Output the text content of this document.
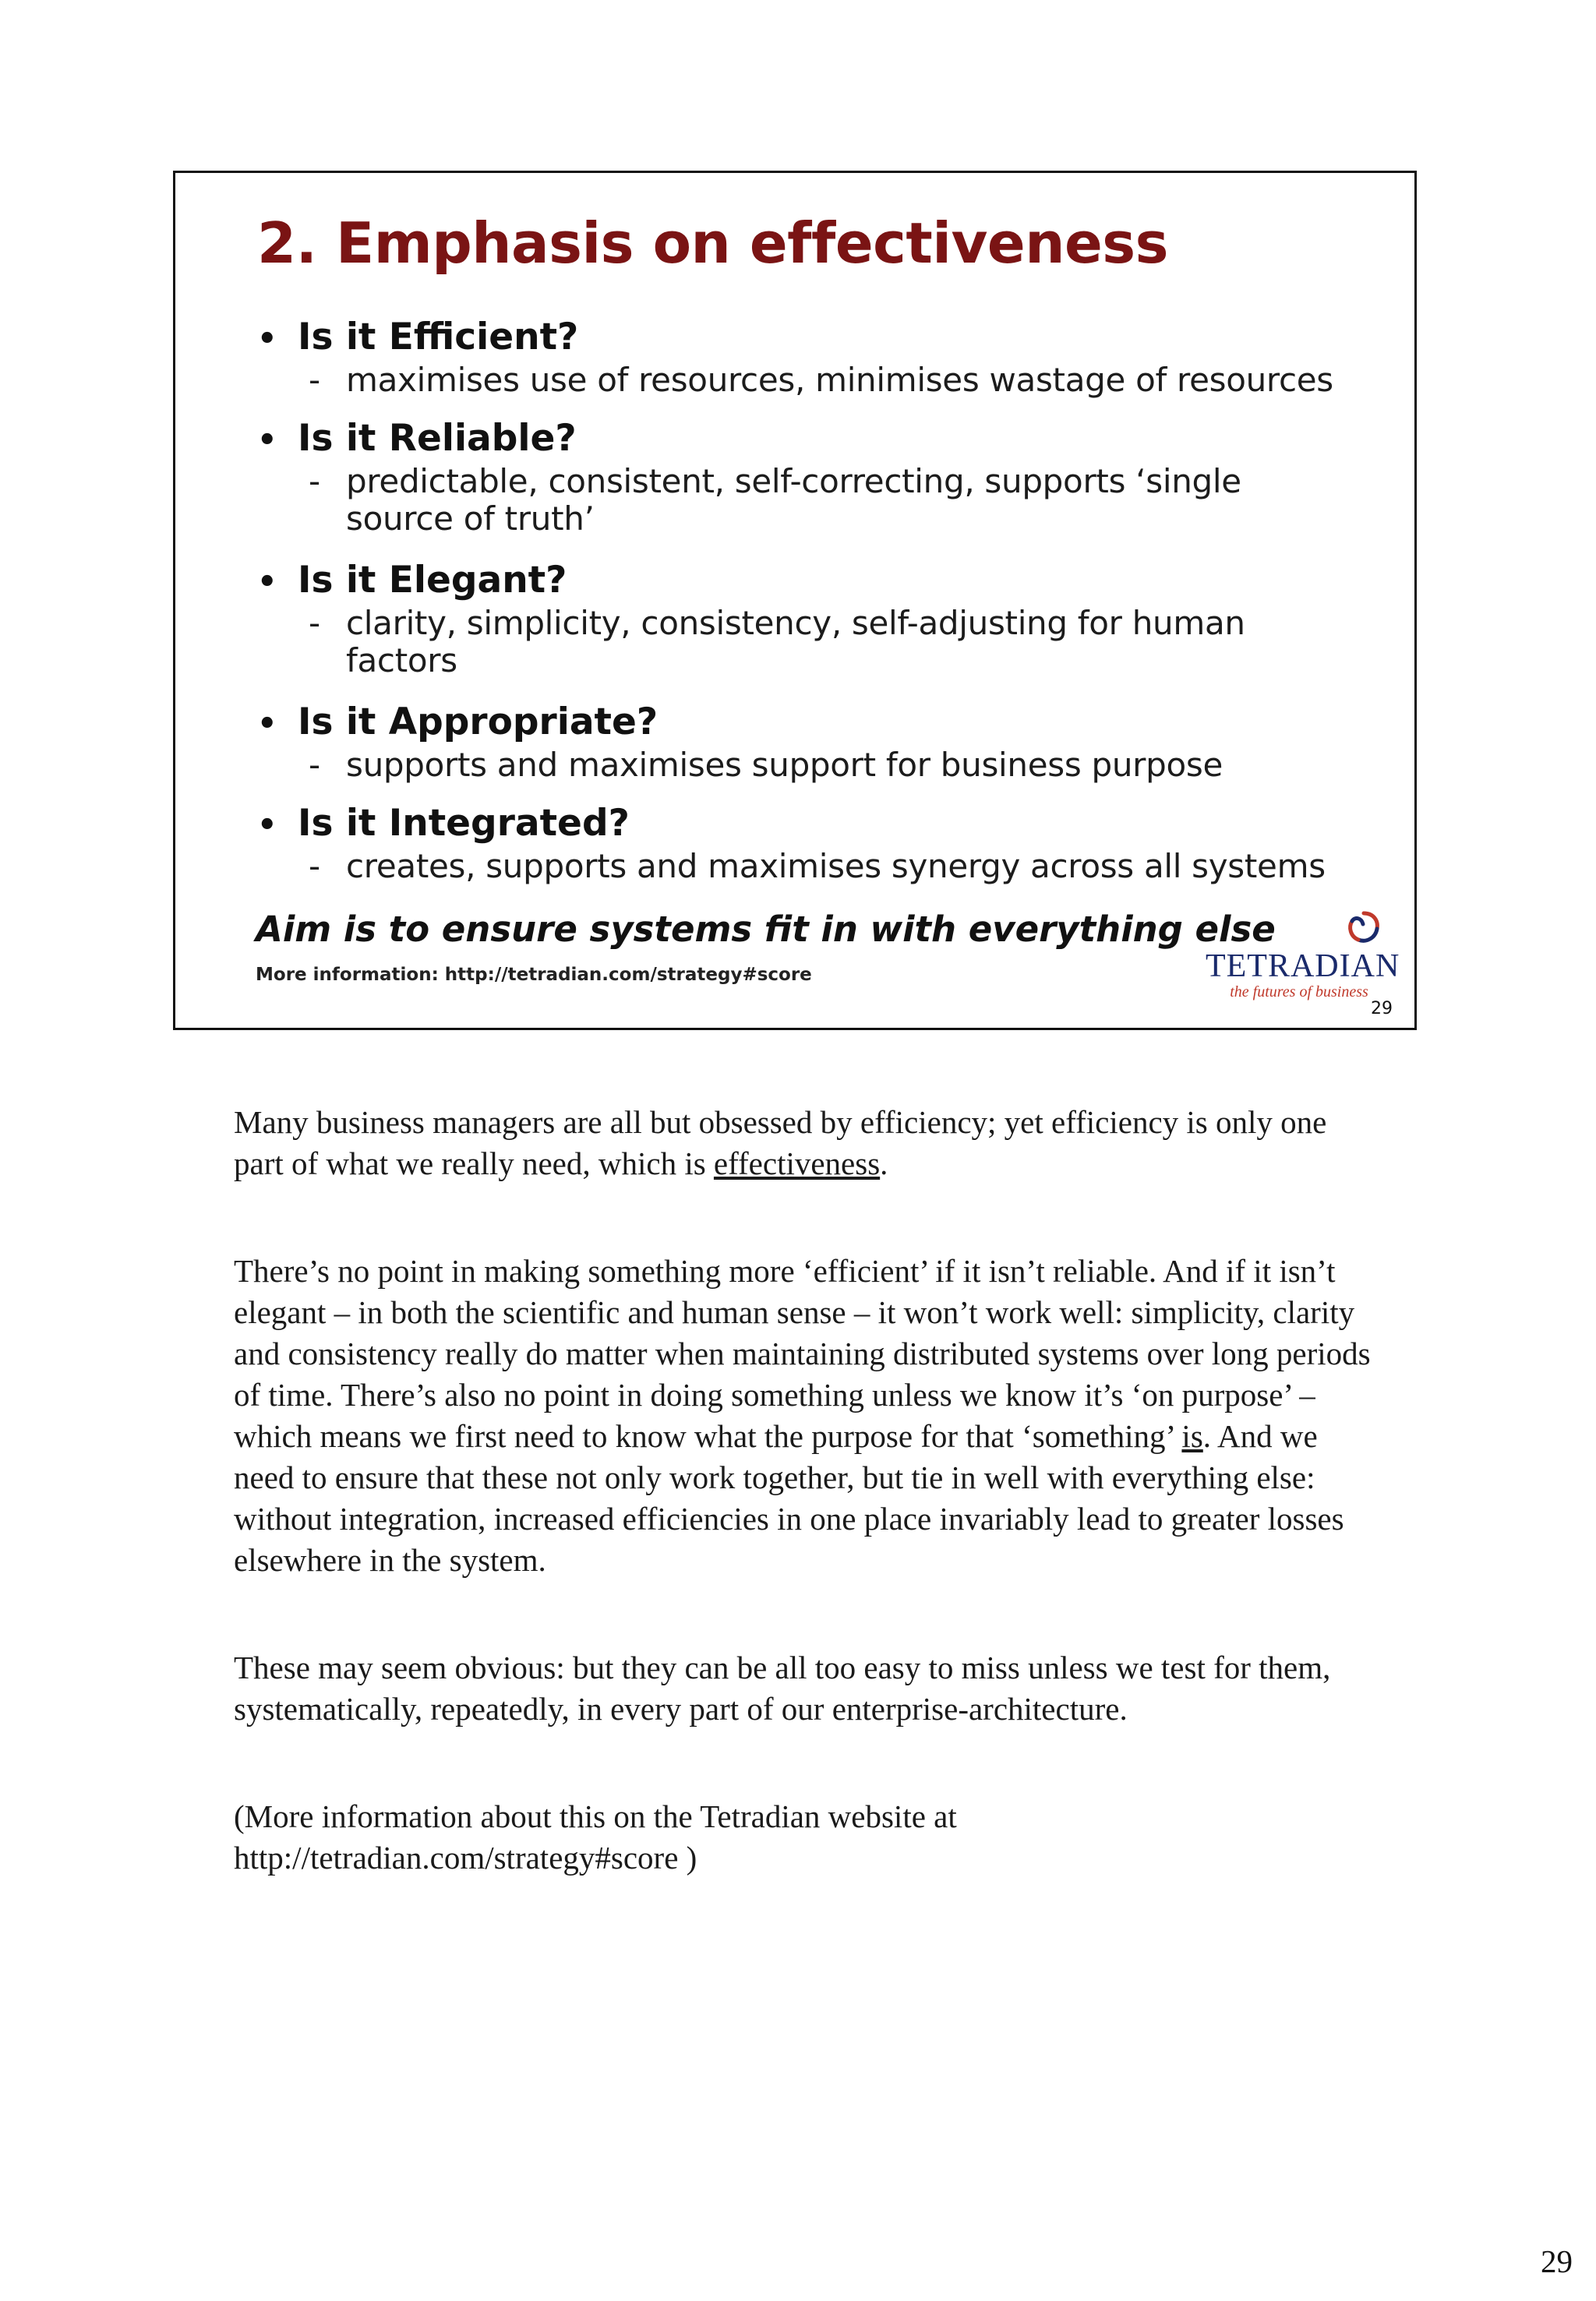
2. Emphasis on effectiveness
• Is it Efficient?
- maximises use of resources, minimises wastage of resources
• Is it Reliable?
- predictable, consistent, self-correcting, supports ‘single source of truth’
• Is it Elegant?
- clarity, simplicity, consistency, self-adjusting for human factors
• Is it Appropriate?
- supports and maximises support for business purpose
• Is it Integrated?
- creates, supports and maximises synergy across all systems
Aim is to ensure systems fit in with everything else
More information: http://tetradian.com/strategy#score	TETRADIAN
the futures of business
29

Many business managers are all but obsessed by efficiency; yet efficiency is only one part of what we really need, which is effectiveness.

There’s no point in making something more ‘efficient’ if it isn’t reliable. And if it isn’t elegant – in both the scientific and human sense – it won’t work well: simplicity, clarity and consistency really do matter when maintaining distributed systems over long periods of time. There’s also no point in doing something unless we know it’s ‘on purpose’ – which means we first need to know what the purpose for that ‘something’ is. And we need to ensure that these not only work together, but tie in well with everything else: without integration, increased efficiencies in one place invariably lead to greater losses elsewhere in the system.

These may seem obvious: but they can be all too easy to miss unless we test for them, systematically, repeatedly, in every part of our enterprise-architecture.

(More information about this on the Tetradian website at http://tetradian.com/strategy#score )

29
